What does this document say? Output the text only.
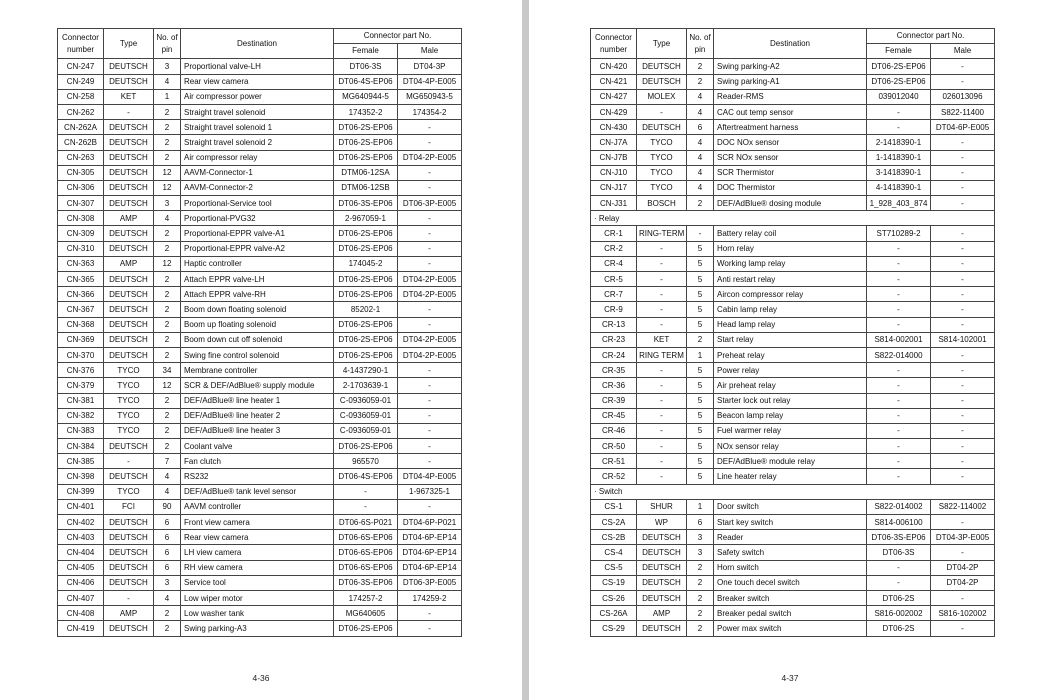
Connector number	Type	No. of pin	Destination	Connector part No.	
				Female	Male
CN-247	DEUTSCH	3	Proportional valve-LH	DT06-3S	DT04-3P
CN-249	DEUTSCH	4	Rear view camera	DT06-4S-EP06	DT04-4P-E005
CN-258	KET	1	Air compressor power	MG640944-5	MG650943-5
CN-262	-	2	Straight travel solenoid	174352-2	174354-2
CN-262A	DEUTSCH	2	Straight travel solenoid 1	DT06-2S-EP06	-
CN-262B	DEUTSCH	2	Straight travel solenoid 2	DT06-2S-EP06	-
CN-263	DEUTSCH	2	Air compressor relay	DT06-2S-EP06	DT04-2P-E005
CN-305	DEUTSCH	12	AAVM-Connector-1	DTM06-12SA	-
CN-306	DEUTSCH	12	AAVM-Connector-2	DTM06-12SB	-
CN-307	DEUTSCH	3	Proportional-Service tool	DT06-3S-EP06	DT06-3P-E005
CN-308	AMP	4	Proportional-PVG32	2-967059-1	-
CN-309	DEUTSCH	2	Proportional-EPPR valve-A1	DT06-2S-EP06	-
CN-310	DEUTSCH	2	Proportional-EPPR valve-A2	DT06-2S-EP06	-
CN-363	AMP	12	Haptic controller	174045-2	-
CN-365	DEUTSCH	2	Attach EPPR valve-LH	DT06-2S-EP06	DT04-2P-E005
CN-366	DEUTSCH	2	Attach EPPR valve-RH	DT06-2S-EP06	DT04-2P-E005
CN-367	DEUTSCH	2	Boom down floating solenoid	85202-1	-
CN-368	DEUTSCH	2	Boom up floating solenoid	DT06-2S-EP06	-
CN-369	DEUTSCH	2	Boom down cut off solenoid	DT06-2S-EP06	DT04-2P-E005
CN-370	DEUTSCH	2	Swing fine control solenoid	DT06-2S-EP06	DT04-2P-E005
CN-376	TYCO	34	Membrane controller	4-1437290-1	-
CN-379	TYCO	12	SCR & DEF/AdBlue® supply module	2-1703639-1	-
CN-381	TYCO	2	DEF/AdBlue® line heater 1	C-0936059-01	-
CN-382	TYCO	2	DEF/AdBlue® line heater 2	C-0936059-01	-
CN-383	TYCO	2	DEF/AdBlue® line heater 3	C-0936059-01	-
CN-384	DEUTSCH	2	Coolant valve	DT06-2S-EP06	-
CN-385	-	7	Fan clutch	965570	-
CN-398	DEUTSCH	4	RS232	DT06-4S-EP06	DT04-4P-E005
CN-399	TYCO	4	DEF/AdBlue® tank level sensor	-	1-967325-1
CN-401	FCI	90	AAVM controller	-	-
CN-402	DEUTSCH	6	Front view camera	DT06-6S-P021	DT04-6P-P021
CN-403	DEUTSCH	6	Rear view camera	DT06-6S-EP06	DT04-6P-EP14
CN-404	DEUTSCH	6	LH view camera	DT06-6S-EP06	DT04-6P-EP14
CN-405	DEUTSCH	6	RH view camera	DT06-6S-EP06	DT04-6P-EP14
CN-406	DEUTSCH	3	Service tool	DT06-3S-EP06	DT06-3P-E005
CN-407	-	4	Low wiper motor	174257-2	174259-2
CN-408	AMP	2	Low washer tank	MG640605	-
CN-419	DEUTSCH	2	Swing parking-A3	DT06-2S-EP06	-
4-36
Connector number	Type	No. of pin	Destination	Connector part No.	
				Female	Male
CN-420	DEUTSCH	2	Swing parking-A2	DT06-2S-EP06	-
CN-421	DEUTSCH	2	Swing parking-A1	DT06-2S-EP06	-
CN-427	MOLEX	4	Reader-RMS	039012040	026013096
CN-429	-	4	CAC out temp sensor	-	S822-11400
CN-430	DEUTSCH	6	Aftertreatment harness	-	DT04-6P-E005
CN-J7A	TYCO	4	DOC NOx sensor	2-1418390-1	-
CN-J7B	TYCO	4	SCR NOx sensor	1-1418390-1	-
CN-J10	TYCO	4	SCR Thermistor	3-1418390-1	-
CN-J17	TYCO	4	DOC Thermistor	4-1418390-1	-
CN-J31	BOSCH	2	DEF/AdBlue® dosing module	1_928_403_874	-
· Relay					
CR-1	RING-TERM	-	Battery relay coil	ST710289-2	-
CR-2	-	5	Horn relay	-	-
CR-4	-	5	Working lamp relay	-	-
CR-5	-	5	Anti restart relay	-	-
CR-7	-	5	Aircon compressor relay	-	-
CR-9	-	5	Cabin lamp relay	-	-
CR-13	-	5	Head lamp relay	-	-
CR-23	KET	2	Start relay	S814-002001	S814-102001
CR-24	RING TERM	1	Preheat relay	S822-014000	-
CR-35	-	5	Power relay	-	-
CR-36	-	5	Air preheat relay	-	-
CR-39	-	5	Starter lock out relay	-	-
CR-45	-	5	Beacon lamp relay	-	-
CR-46	-	5	Fuel warmer relay	-	-
CR-50	-	5	NOx sensor relay	-	-
CR-51	-	5	DEF/AdBlue® module relay	-	-
CR-52	-	5	Line heater relay	-	-
· Switch					
CS-1	SHUR	1	Door switch	S822-014002	S822-114002
CS-2A	WP	6	Start key switch	S814-006100	-
CS-2B	DEUTSCH	3	Reader	DT06-3S-EP06	DT04-3P-E005
CS-4	DEUTSCH	3	Safety switch	DT06-3S	-
CS-5	DEUTSCH	2	Horn switch	-	DT04-2P
CS-19	DEUTSCH	2	One touch decel switch	-	DT04-2P
CS-26	DEUTSCH	2	Breaker switch	DT06-2S	-
CS-26A	AMP	2	Breaker pedal switch	S816-002002	S816-102002
CS-29	DEUTSCH	2	Power max switch	DT06-2S	-
4-37
